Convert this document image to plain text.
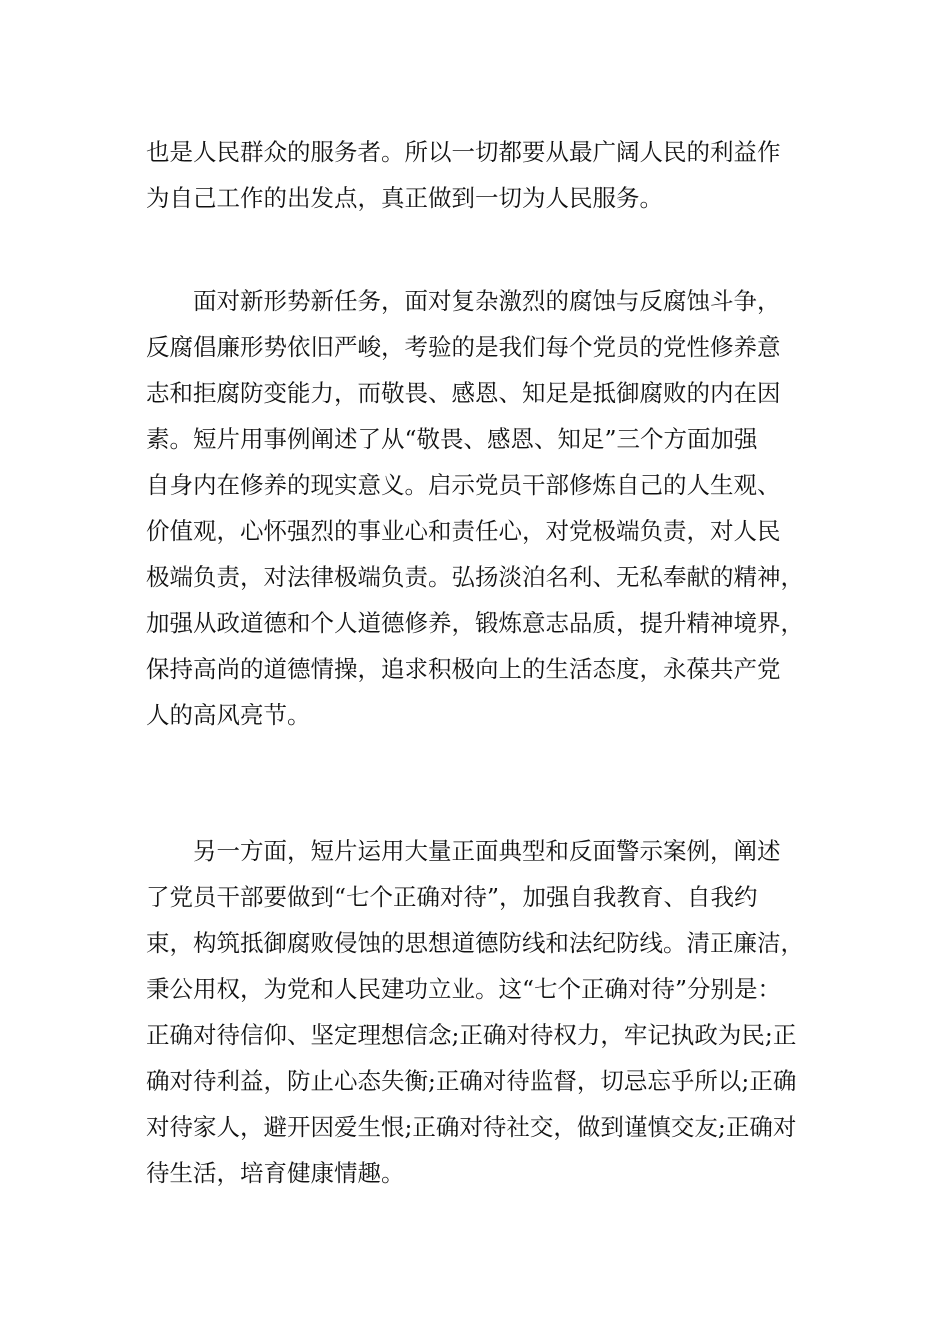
也是人民群众的服务者。所以一切都要从最广阔人民的利益作
为自己工作的出发点，真正做到一切为人民服务。
面对新形势新任务，面对复杂激烈的腐蚀与反腐蚀斗争，
反腐倡廉形势依旧严峻，考验的是我们每个党员的党性修养意
志和拒腐防变能力，而敬畏、感恩、知足是抵御腐败的内在因
素。短片用事例阐述了从“敬畏、感恩、知足”三个方面加强
自身内在修养的现实意义。启示党员干部修炼自己的人生观、
价值观，心怀强烈的事业心和责任心，对党极端负责，对人民
极端负责，对法律极端负责。弘扬淡泊名利、无私奉献的精神，
加强从政道德和个人道德修养，锻炼意志品质，提升精神境界，
保持高尚的道德情操，追求积极向上的生活态度，永葆共产党
人的高风亮节。
另一方面，短片运用大量正面典型和反面警示案例，阐述
了党员干部要做到“七个正确对待”，加强自我教育、自我约
束，构筑抵御腐败侵蚀的思想道德防线和法纪防线。清正廉洁，
秉公用权，为党和人民建功立业。这“七个正确对待”分别是：
正确对待信仰、坚定理想信念;正确对待权力，牢记执政为民;正
确对待利益，防止心态失衡;正确对待监督，切忌忘乎所以;正确
对待家人，避开因爱生恨;正确对待社交，做到谨慎交友;正确对
待生活，培育健康情趣。
